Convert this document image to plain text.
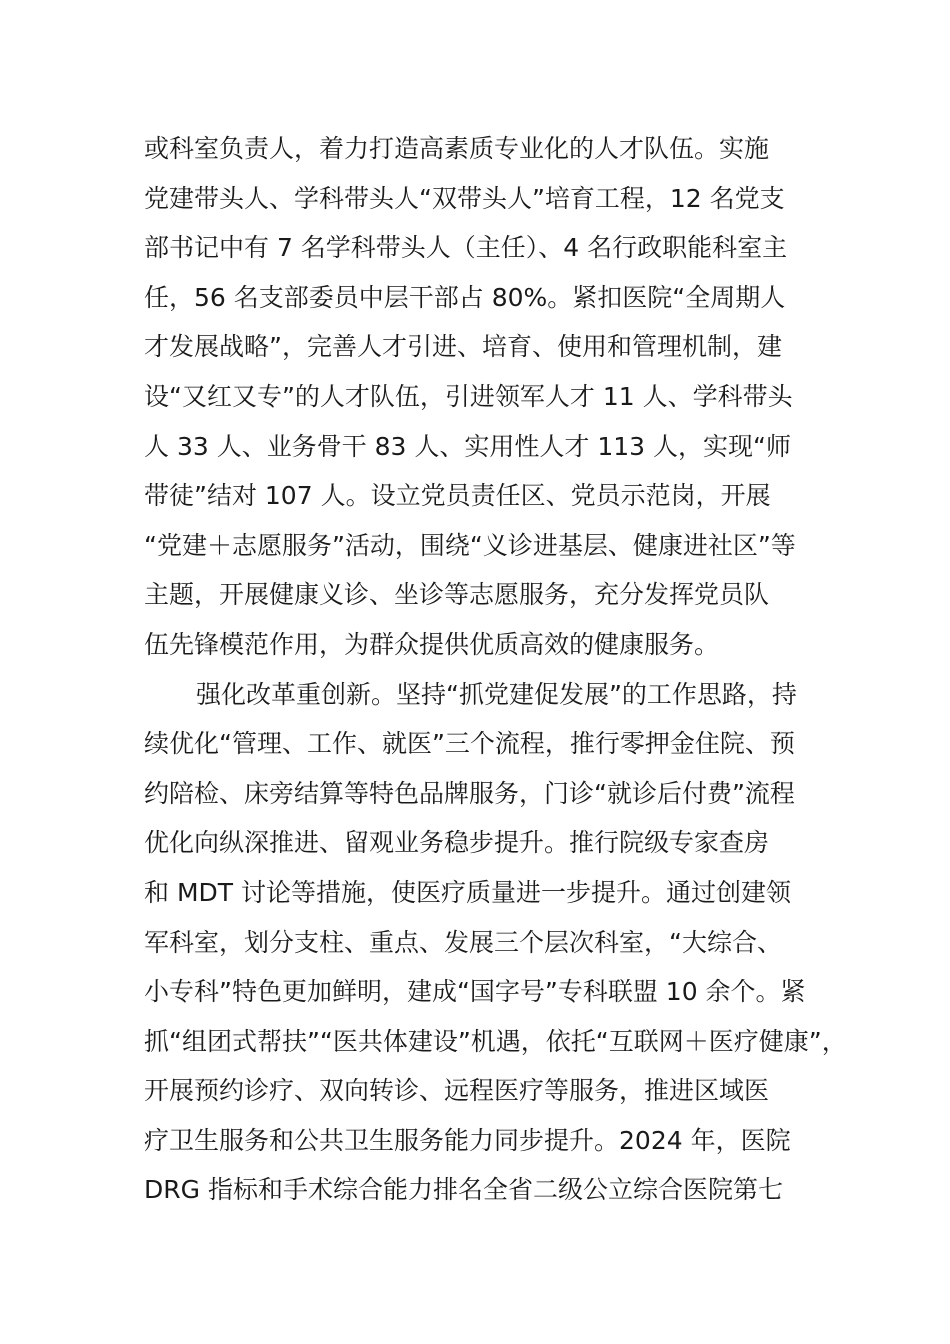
或科室负责人，着力打造高素质专业化的人才队伍。实施
党建带头人、学科带头人“双带头人”培育工程，12 名党支
部书记中有 7 名学科带头人（主任）、4 名行政职能科室主
任，56 名支部委员中层干部占 80%。紧扣医院“全周期人
才发展战略”，完善人才引进、培育、使用和管理机制，建
设“又红又专”的人才队伍，引进领军人才 11 人、学科带头
人 33 人、业务骨干 83 人、实用性人才 113 人，实现“师
带徒”结对 107 人。设立党员责任区、党员示范岗，开展
“党建＋志愿服务”活动，围绕“义诊进基层、健康进社区”等
主题，开展健康义诊、坐诊等志愿服务，充分发挥党员队
伍先锋模范作用，为群众提供优质高效的健康服务。
强化改革重创新。坚持“抓党建促发展”的工作思路，持
续优化“管理、工作、就医”三个流程，推行零押金住院、预
约陪检、床旁结算等特色品牌服务，门诊“就诊后付费”流程
优化向纵深推进、留观业务稳步提升。推行院级专家查房
和 MDT 讨论等措施，使医疗质量进一步提升。通过创建领
军科室，划分支柱、重点、发展三个层次科室，“大综合、
小专科”特色更加鲜明，建成“国字号”专科联盟 10 余个。紧
抓“组团式帮扶”“医共体建设”机遇，依托“互联网＋医疗健康”，
开展预约诊疗、双向转诊、远程医疗等服务，推进区域医
疗卫生服务和公共卫生服务能力同步提升。2024 年，医院
DRG 指标和手术综合能力排名全省二级公立综合医院第七
